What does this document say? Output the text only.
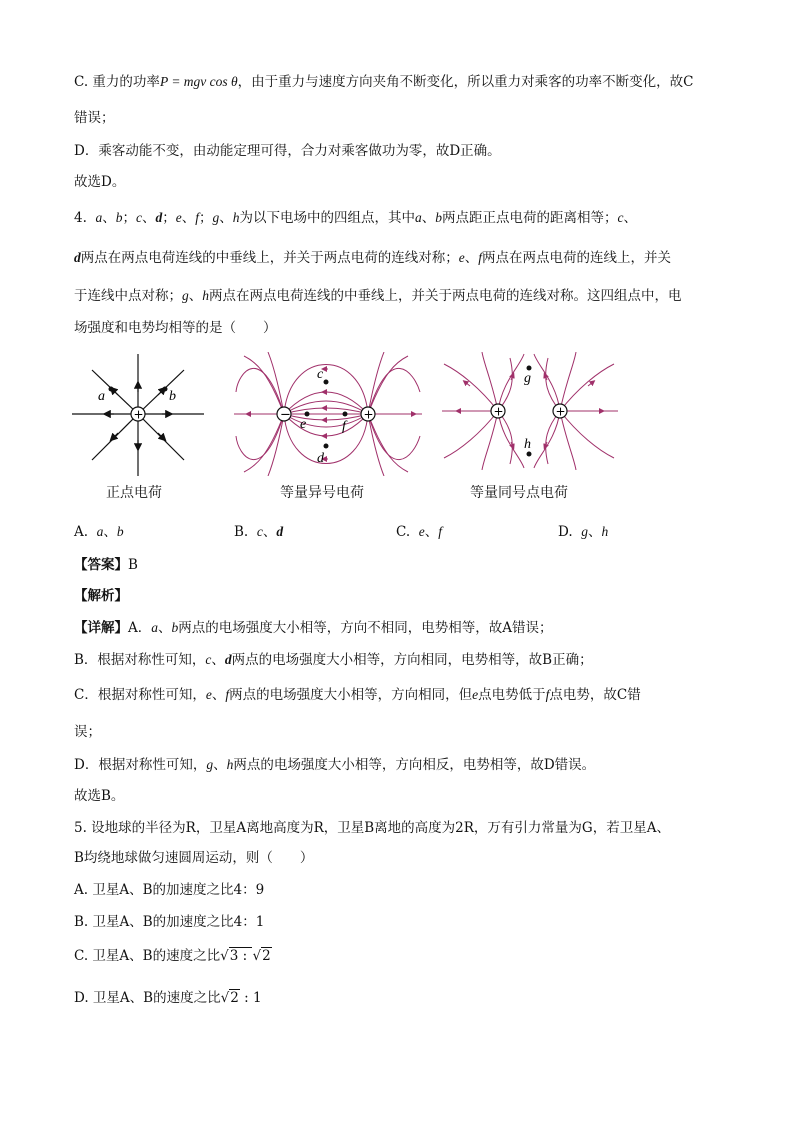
C. 重力的功率P = mgv cos θ，由于重力与速度方向夹角不断变化，所以重力对乘客的功率不断变化，故C
错误；
D．乘客动能不变，由动能定理可得，合力对乘客做功为零，故D正确。
故选D。
4. a、b；c、d；e、f；g、h为以下电场中的四组点，其中a、b两点距正点电荷的距离相等；c、
d两点在两点电荷连线的中垂线上，并关于两点电荷的连线对称；e、f两点在两点电荷的连线上，并关
于连线中点对称；g、h两点在两点电荷连线的中垂线上，并关于两点电荷的连线对称。这四组点中，电
场强度和电势均相等的是（　　）
+
a	b
正点电荷
−	+
c
d
e	f
等量异号电荷
+	+
g
h
等量同号点电荷
A. a、b	B. c、d	C. e、f	D. g、h
【答案】B
【解析】
【详解】A．a、b两点的电场强度大小相等，方向不相同，电势相等，故A错误；
B．根据对称性可知，c、d两点的电场强度大小相等，方向相同，电势相等，故B正确；
C．根据对称性可知，e、f两点的电场强度大小相等，方向相同，但e点电势低于f点电势，故C错
误；
D．根据对称性可知，g、h两点的电场强度大小相等，方向相反，电势相等，故D错误。
故选B。
5. 设地球的半径为R，卫星A离地高度为R，卫星B离地的高度为2R，万有引力常量为G，若卫星A、
B均绕地球做匀速圆周运动，则（　　）
A. 卫星A、B的加速度之比4：9
B. 卫星A、B的加速度之比4：1
C. 卫星A、B的速度之比√3 : √2
D. 卫星A、B的速度之比√2 : 1
